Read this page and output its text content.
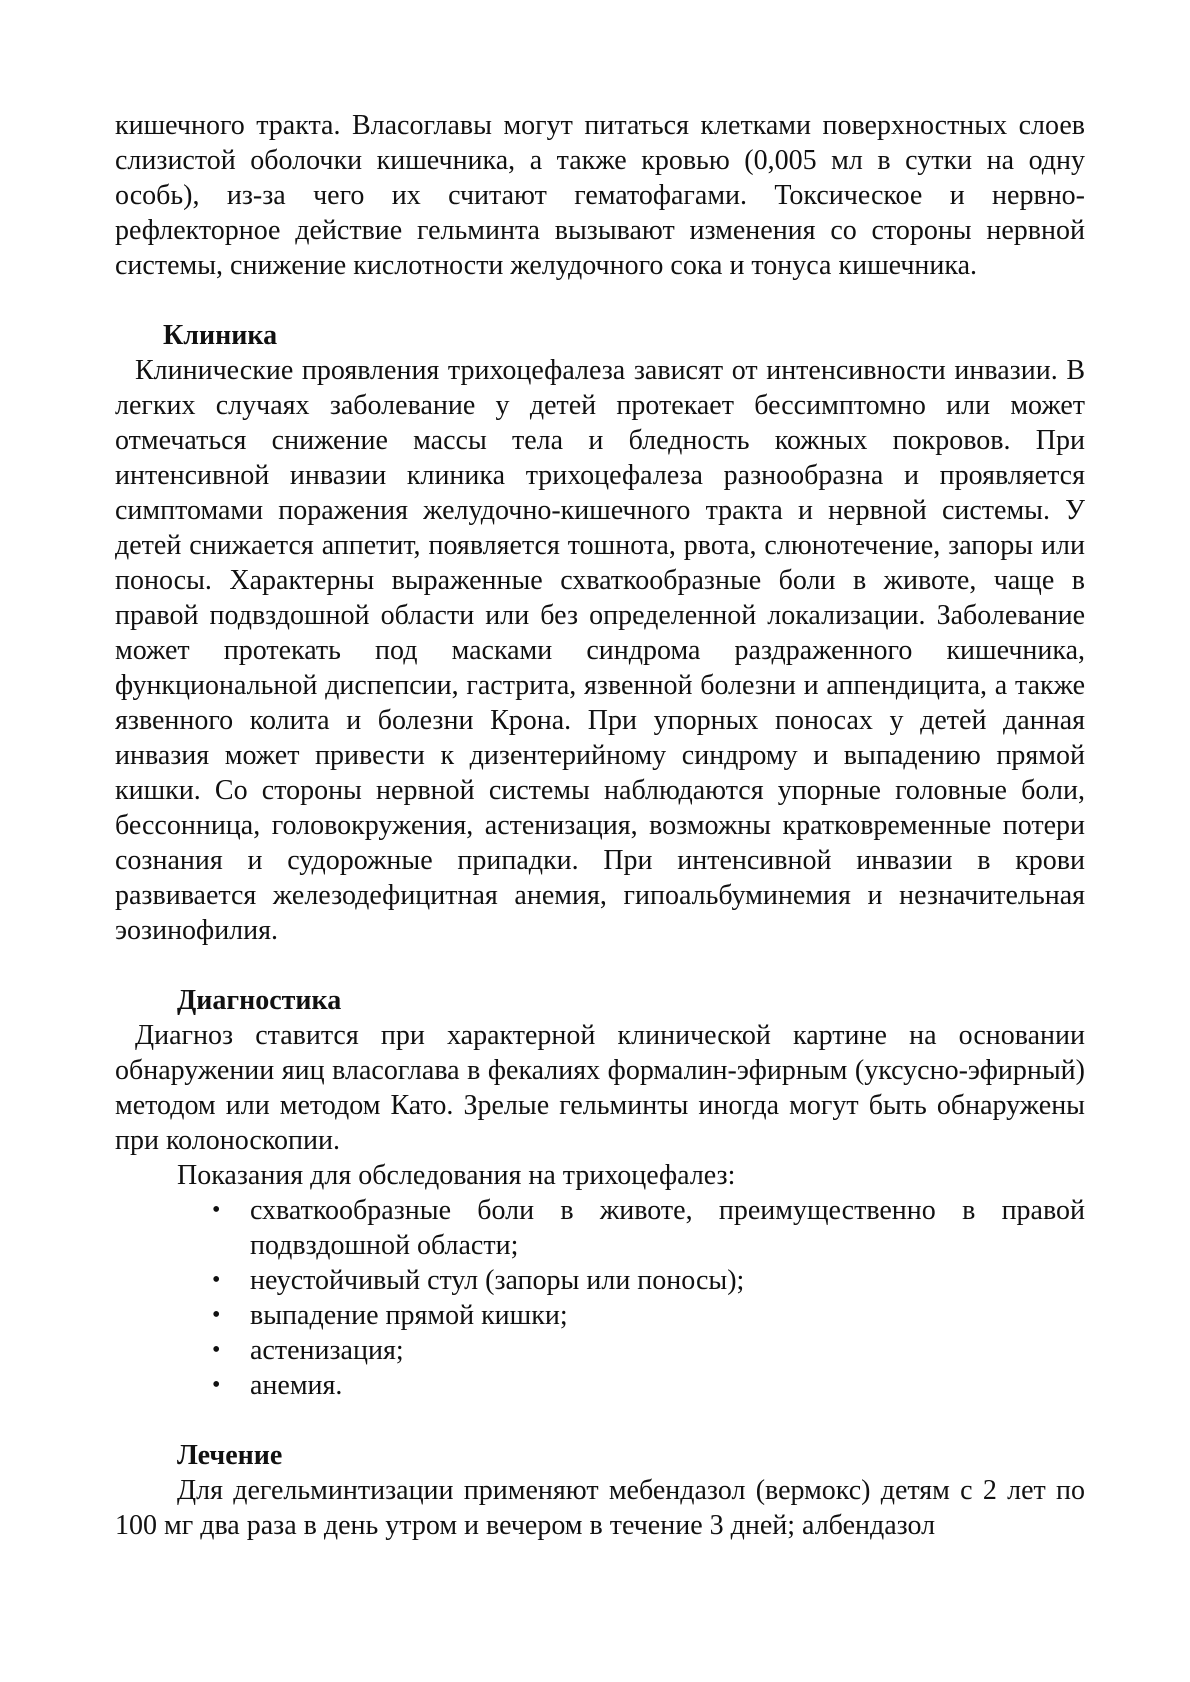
кишечного тракта. Власоглавы могут питаться клетками поверхностных слоев слизистой оболочки кишечника, а также кровью (0,005 мл в сутки на одну особь), из-за чего их считают гематофагами. Токсическое и нервно-рефлекторное действие гельминта вызывают изменения со стороны нервной системы, снижение кислотности желудочного сока и тонуса кишечника.

Клиника

Клинические проявления трихоцефалеза зависят от интенсивности инвазии. В легких случаях заболевание у детей протекает бессимптомно или может отмечаться снижение массы тела и бледность кожных покровов. При интенсивной инвазии клиника трихоцефалеза разнообразна и проявляется симптомами поражения желудочно-кишечного тракта и нервной системы. У детей снижается аппетит, появляется тошнота, рвота, слюнотечение, запоры или поносы. Характерны выраженные схваткообразные боли в животе, чаще в правой подвздошной области или без определенной локализации. Заболевание может протекать под масками синдрома раздраженного кишечника, функциональной диспепсии, гастрита, язвенной болезни и аппендицита, а также язвенного колита и болезни Крона. При упорных поносах у детей данная инвазия может привести к дизентерийному синдрому и выпадению прямой кишки. Со стороны нервной системы наблюдаются упорные головные боли, бессонница, головокружения, астенизация, возможны кратковременные потери сознания и судорожные припадки. При интенсивной инвазии в крови развивается железодефицитная анемия, гипоальбуминемия и незначительная эозинофилия.

Диагностика

Диагноз ставится при характерной клинической картине на основании обнаружении яиц власоглава в фекалиях формалин-эфирным (уксусно-эфирный) методом или методом Като. Зрелые гельминты иногда могут быть обнаружены при колоноскопии.

Показания для обследования на трихоцефалез:

• схваткообразные боли в животе, преимущественно в правой подвздошной области;
• неустойчивый стул (запоры или поносы);
• выпадение прямой кишки;
• астенизация;
• анемия.
Лечение

Для дегельминтизации применяют мебендазол (вермокс) детям с 2 лет по 100 мг два раза в день утром и вечером в течение 3 дней; албендазол
